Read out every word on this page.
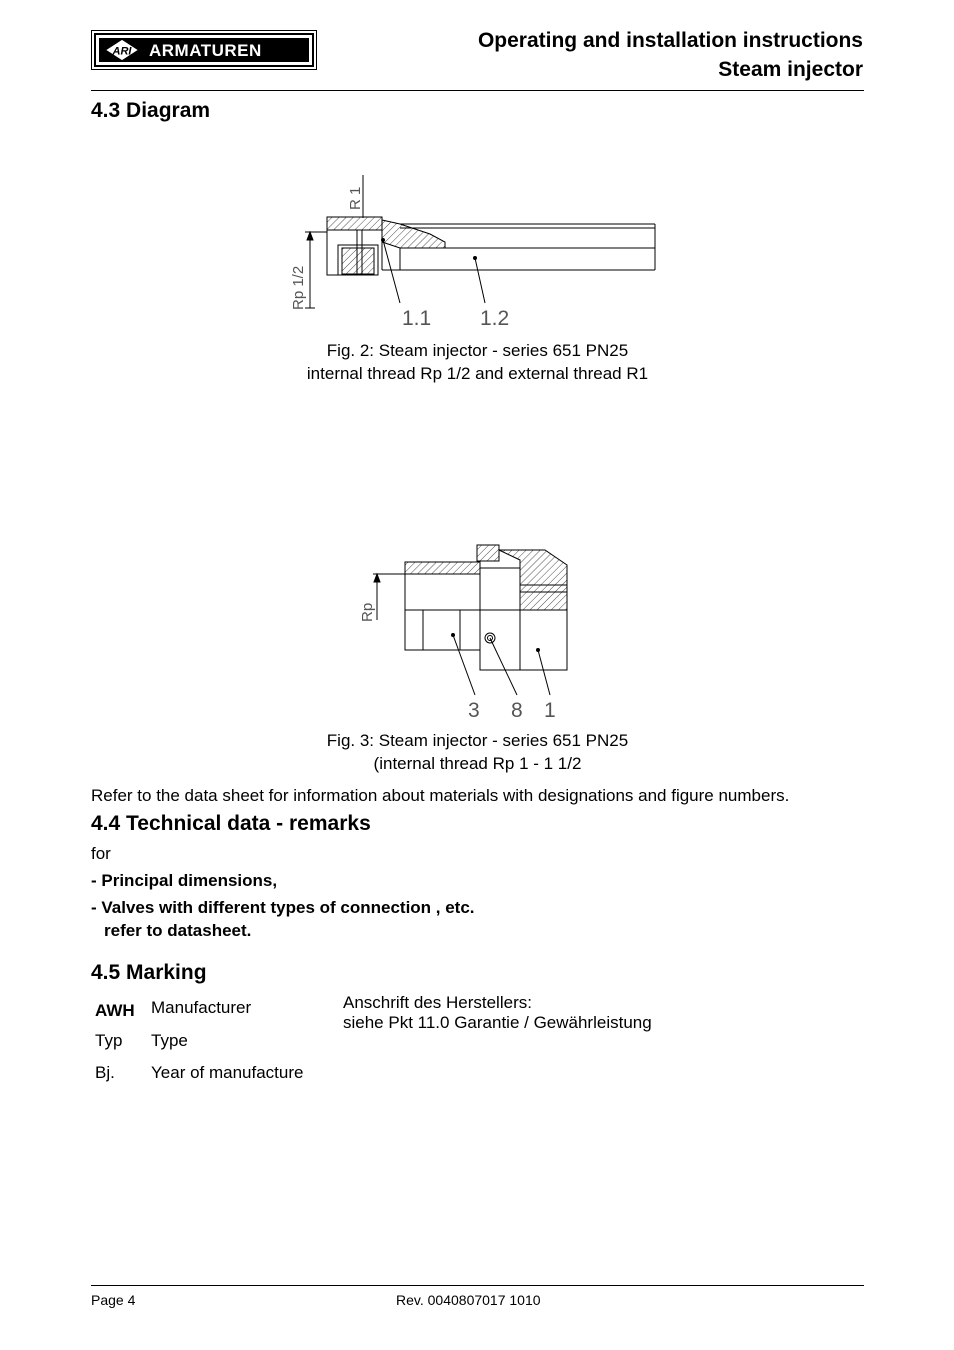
ARI ARMATUREN	Operating and installation instructions
Steam injector
4.3 Diagram
R 1
Rp 1/2
1.1 1.2
Fig. 2: Steam injector - series 651 PN25
internal thread Rp 1/2 and external thread R1
Rp
3 8 1
Fig. 3: Steam injector - series 651 PN25
(internal thread Rp 1 - 1 1/2
Refer to the data sheet for information about materials with designations and figure numbers.
4.4 Technical data - remarks
for
- Principal dimensions,
- Valves with different types of connection , etc.
refer to datasheet.
4.5 Marking
AWH Manufacturer
Typ Type
Bj. Year of manufacture
Anschrift des Herstellers:
siehe Pkt 11.0 Garantie / Gewährleistung
Page 4	Rev. 0040807017 1010
